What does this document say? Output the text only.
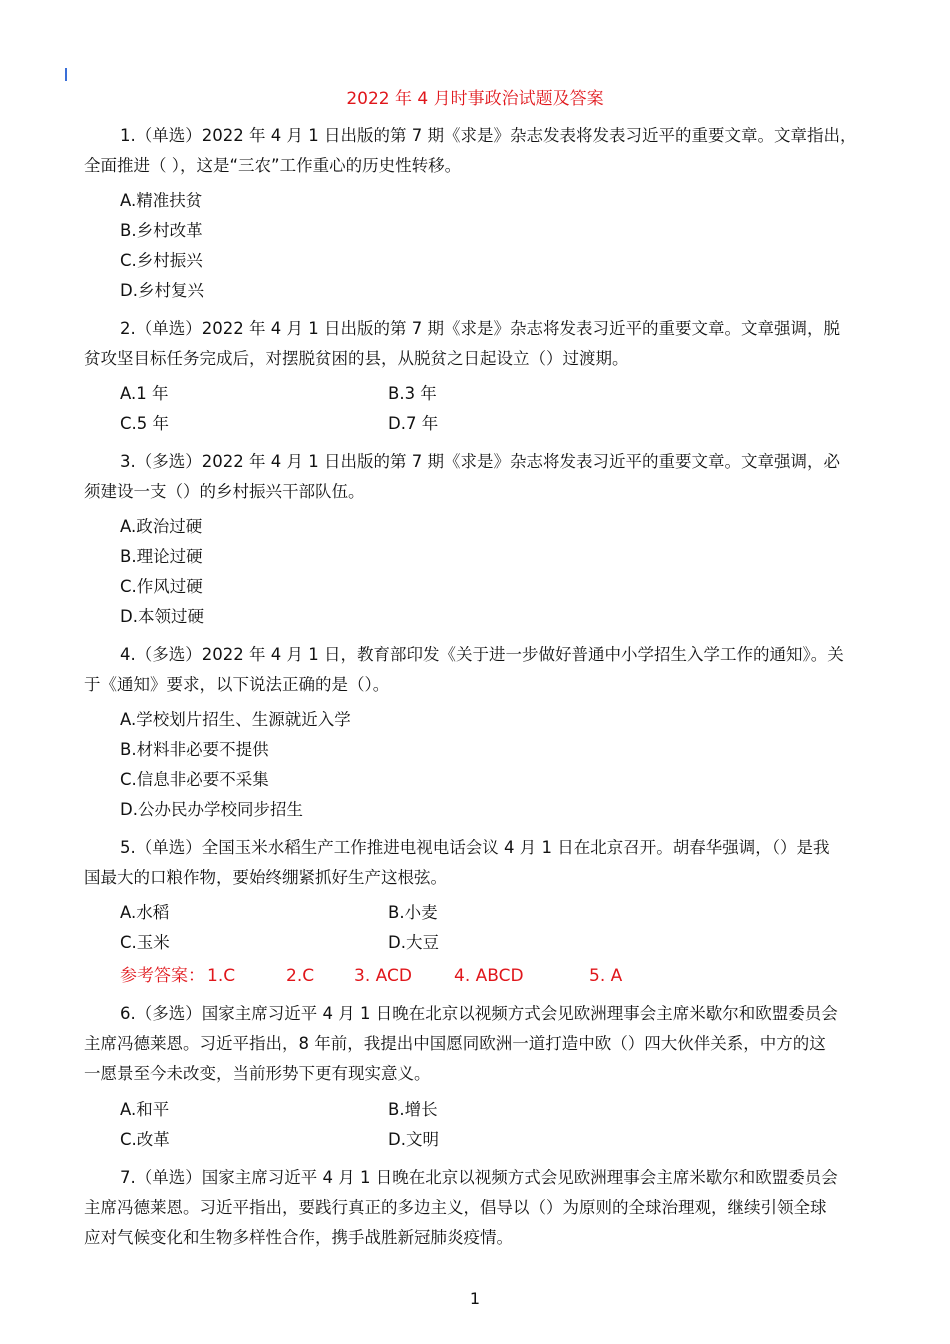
2022 年 4 月时事政治试题及答案
1.（单选）2022 年 4 月 1 日出版的第 7 期《求是》杂志发表将发表习近平的重要文章。文章指出，
全面推进（ ），这是“三农”工作重心的历史性转移。
A.精准扶贫
B.乡村改革
C.乡村振兴
D.乡村复兴
2.（单选）2022 年 4 月 1 日出版的第 7 期《求是》杂志将发表习近平的重要文章。文章强调，脱
贫攻坚目标任务完成后，对摆脱贫困的县，从脱贫之日起设立（）过渡期。
A.1 年	B.3 年
C.5 年	D.7 年
3.（多选）2022 年 4 月 1 日出版的第 7 期《求是》杂志将发表习近平的重要文章。文章强调，必
须建设一支（）的乡村振兴干部队伍。
A.政治过硬
B.理论过硬
C.作风过硬
D.本领过硬
4.（多选）2022 年 4 月 1 日，教育部印发《关于进一步做好普通中小学招生入学工作的通知》。关
于《通知》要求，以下说法正确的是（）。
A.学校划片招生、生源就近入学
B.材料非必要不提供
C.信息非必要不采集
D.公办民办学校同步招生
5.（单选）全国玉米水稻生产工作推进电视电话会议 4 月 1 日在北京召开。胡春华强调，（）是我
国最大的口粮作物，要始终绷紧抓好生产这根弦。
A.水稻	B.小麦
C.玉米	D.大豆
参考答案： 1.C	2.C 3. ACD 4. ABCD	5. A
6.（多选）国家主席习近平 4 月 1 日晚在北京以视频方式会见欧洲理事会主席米歇尔和欧盟委员会
主席冯德莱恩。习近平指出，8 年前，我提出中国愿同欧洲一道打造中欧（）四大伙伴关系，中方的这
一愿景至今未改变，当前形势下更有现实意义。
A.和平	B.增长
C.改革	D.文明
7.（单选）国家主席习近平 4 月 1 日晚在北京以视频方式会见欧洲理事会主席米歇尔和欧盟委员会
主席冯德莱恩。习近平指出，要践行真正的多边主义，倡导以（）为原则的全球治理观，继续引领全球
应对气候变化和生物多样性合作，携手战胜新冠肺炎疫情。
1
